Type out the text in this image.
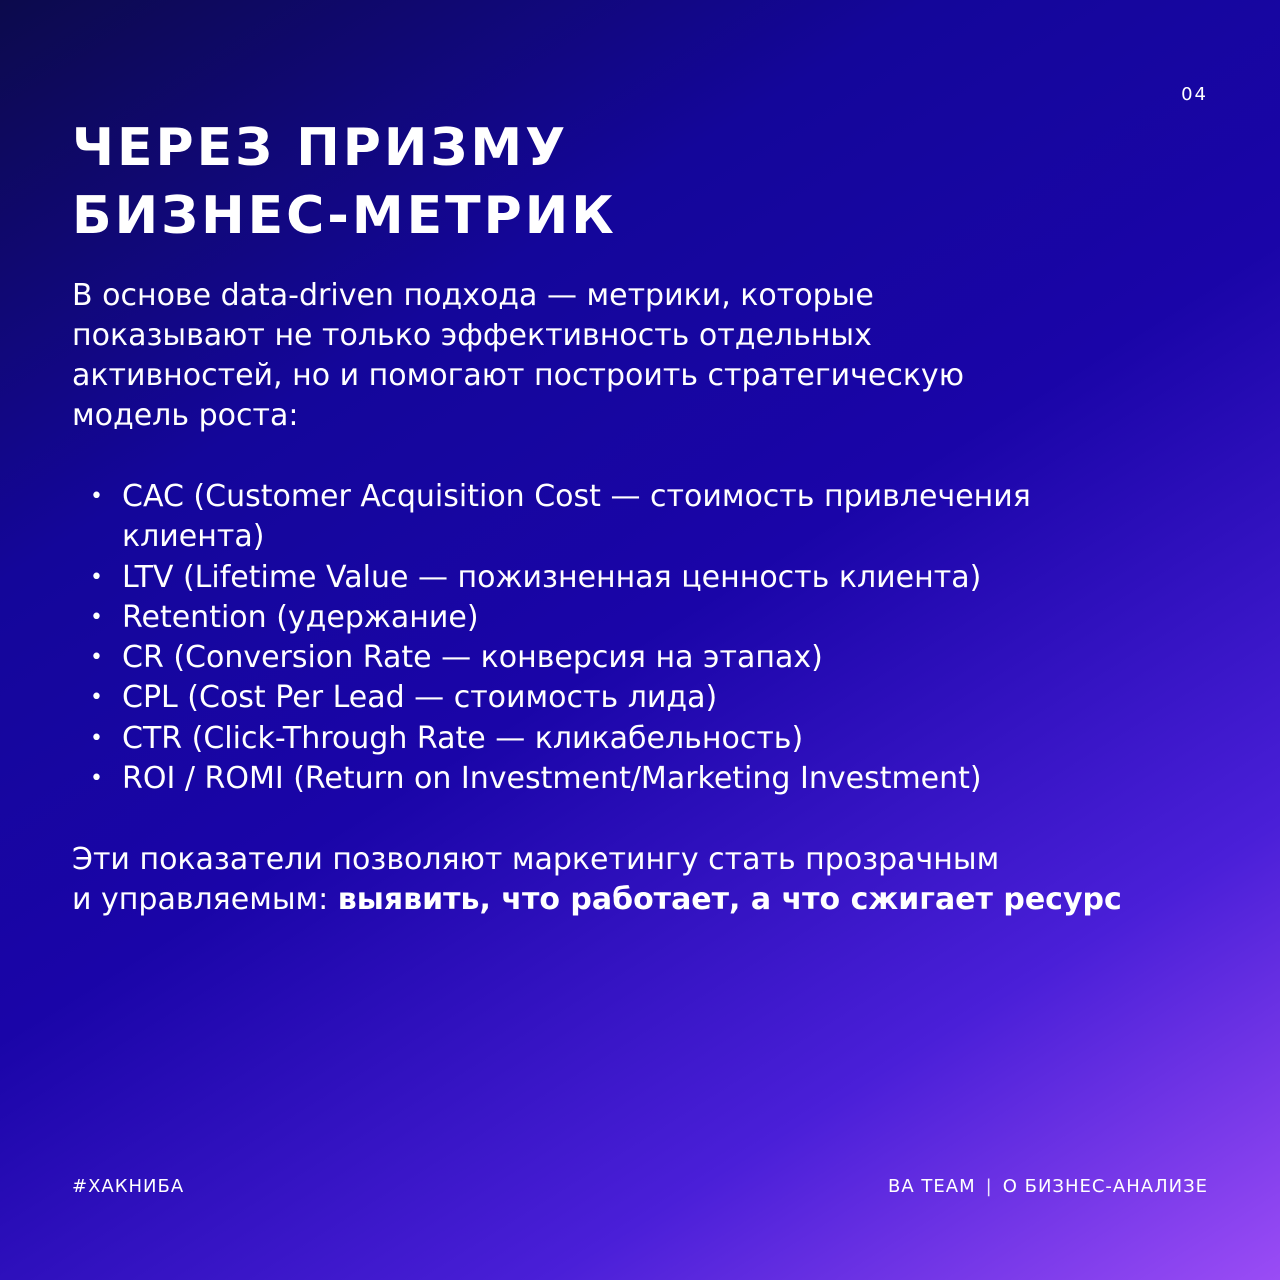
04
ЧЕРЕЗ ПРИЗМУ
БИЗНЕС-МЕТРИК

В основе data-driven подхода — метрики, которые
показывают не только эффективность отдельных
активностей, но и помогают построить стратегическую
модель роста:

• CAC (Customer Acquisition Cost — стоимость привлечения
клиента)
• LTV (Lifetime Value — пожизненная ценность клиента)
• Retention (удержание)
• CR (Conversion Rate — конверсия на этапах)
• CPL (Cost Per Lead — стоимость лида)
• CTR (Click-Through Rate — кликабельность)
• ROI / ROMI (Return on Investment/Marketing Investment)

Эти показатели позволяют маркетингу стать прозрачным
и управляемым: выявить, что работает, а что сжигает ресурс

#ХАКНИБА	BA TEAM | О БИЗНЕС-АНАЛИЗЕ
